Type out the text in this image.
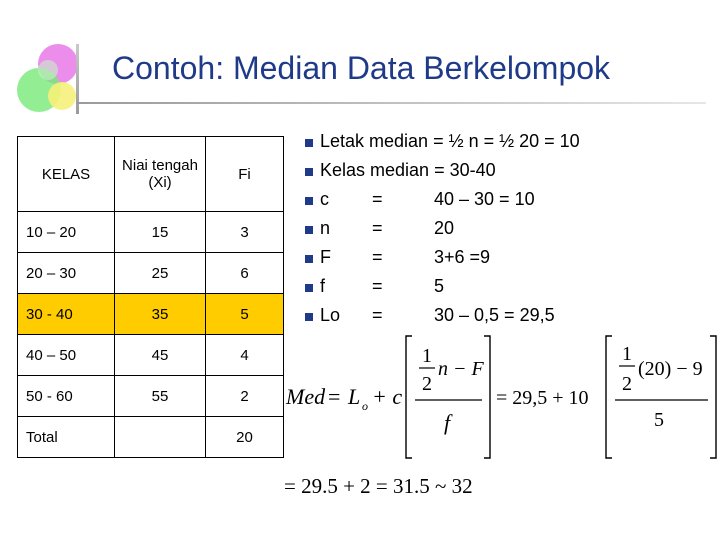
Contoh: Median Data Berkelompok
KELAS	Niai tengah (Xi)	Fi
10 – 20	15	3
20 – 30	25	6
30 - 40	35	5
40 – 50	45	4
50 - 60	55	2
Total		20
Letak median = ½ n = ½ 20 = 10
Kelas median = 30-40
c =	40 – 30 = 10
n =	20
F =	3+6 =9
f	=	5
Lo =	30 – 0,5 = 29,5
Med = L o + c
1
2
n − F
f
= 29,5 + 10
1
2
(20) − 9
5
= 29.5 + 2 = 31.5 ~ 32
